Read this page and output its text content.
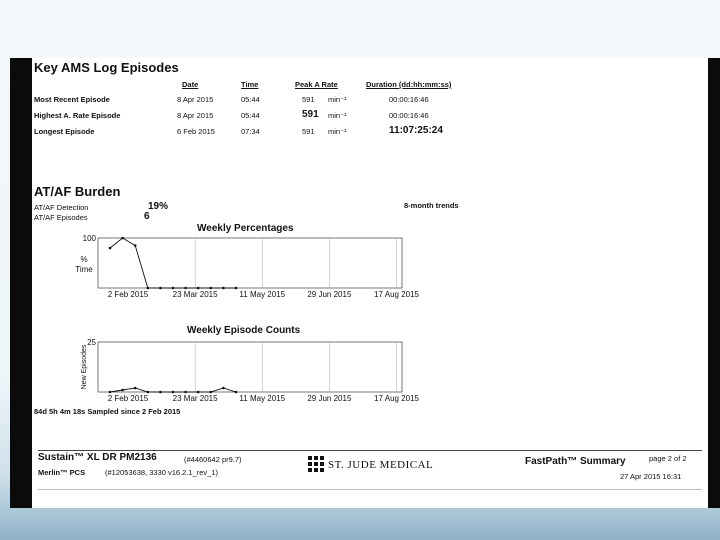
Key AMS Log Episodes
Date	Time	Peak A Rate	Duration (dd:hh:mm:ss)
Most Recent Episode	8 Apr 2015	05:44	591 min⁻¹	00:00:16:46
Highest A. Rate Episode	8 Apr 2015	05:44	591 min⁻¹	00:00:16:46
Longest Episode	6 Feb 2015	07:34	591 min⁻¹	11:07:25:24
AT/AF Burden
AT/AF Detection	19%
AT/AF Episodes	6
8-month trends
Weekly Percentages
2 Feb 2015	23 Mar 2015	11 May 2015	29 Jun 2015	17 Aug 2015
100
%
Time
Weekly Episode Counts
2 Feb 2015	23 Mar 2015	11 May 2015	29 Jun 2015	17 Aug 2015
25
New Episodes
84d 5h 4m 18s Sampled since 2 Feb 2015
Sustain™ XL DR PM2136	(#4460642 pr9.7)
Merlin™ PCS	(#12053638, 3330 v16.2.1_rev_1)
ST. JUDE MEDICAL	FastPath™ Summary	page 2 of 2
27 Apr 2015 16:31
